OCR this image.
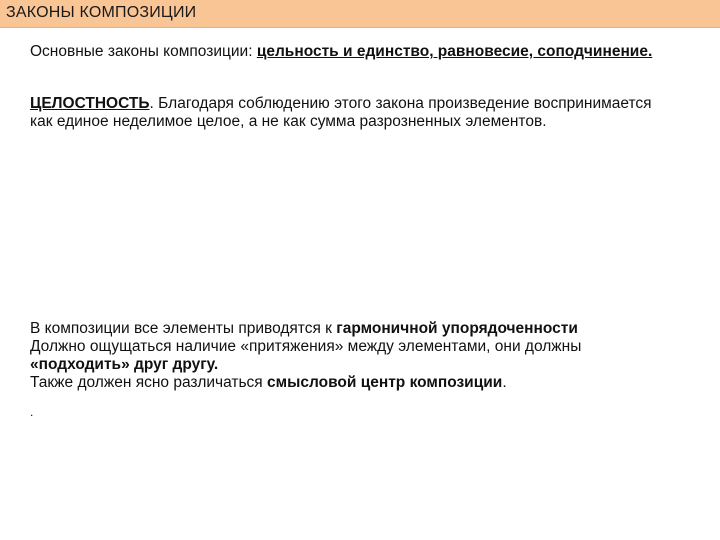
ЗАКОНЫ КОМПОЗИЦИИ

Основные законы композиции: цельность и единство, равновесие, соподчинение.

ЦЕЛОСТНОСТЬ. Благодаря соблюдению этого закона произведение воспринимается как единое неделимое целое, а не как сумма разрозненных элементов.

В композиции все элементы приводятся к гармоничной упорядоченности

Должно ощущаться наличие «притяжения» между элементами, они должны «подходить» друг другу.

Также должен ясно различаться смысловой центр композиции.

.
